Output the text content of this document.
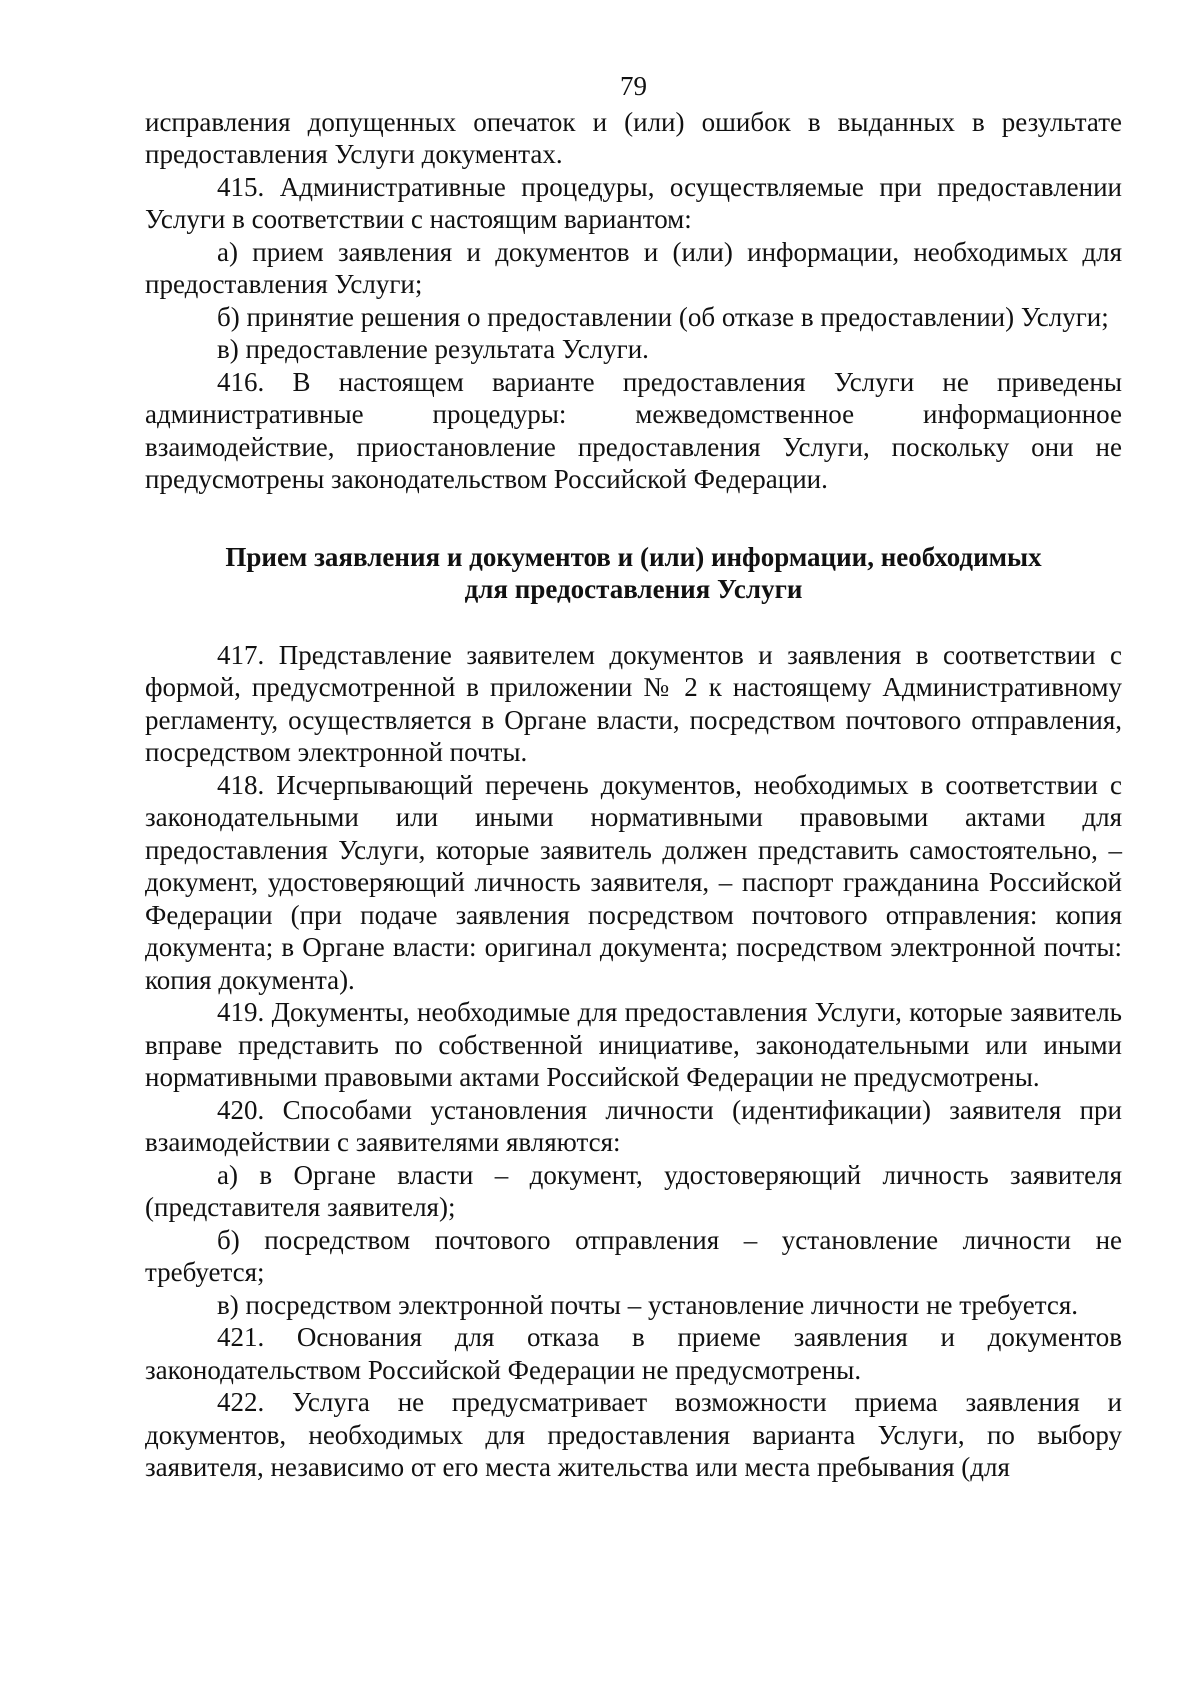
79

исправления допущенных опечаток и (или) ошибок в выданных в результате предоставления Услуги документах.

415. Административные процедуры, осуществляемые при предоставлении Услуги в соответствии с настоящим вариантом:

а) прием заявления и документов и (или) информации, необходимых для предоставления Услуги;

б) принятие решения о предоставлении (об отказе в предоставлении) Услуги;

в) предоставление результата Услуги.

416. В настоящем варианте предоставления Услуги не приведены административные процедуры: межведомственное информационное взаимодействие, приостановление предоставления Услуги, поскольку они не предусмотрены законодательством Российской Федерации.

Прием заявления и документов и (или) информации, необходимых
для предоставления Услуги

417. Представление заявителем документов и заявления в соответствии с формой, предусмотренной в приложении № 2 к настоящему Административному регламенту, осуществляется в Органе власти, посредством почтового отправления, посредством электронной почты.

418. Исчерпывающий перечень документов, необходимых в соответствии с законодательными или иными нормативными правовыми актами для предоставления Услуги, которые заявитель должен представить самостоятельно, – документ, удостоверяющий личность заявителя, – паспорт гражданина Российской Федерации (при подаче заявления посредством почтового отправления: копия документа; в Органе власти: оригинал документа; посредством электронной почты: копия документа).

419. Документы, необходимые для предоставления Услуги, которые заявитель вправе представить по собственной инициативе, законодательными или иными нормативными правовыми актами Российской Федерации не предусмотрены.

420. Способами установления личности (идентификации) заявителя при взаимодействии с заявителями являются:

а) в Органе власти – документ, удостоверяющий личность заявителя (представителя заявителя);

б) посредством почтового отправления – установление личности не требуется;

в) посредством электронной почты – установление личности не требуется.

421. Основания для отказа в приеме заявления и документов законодательством Российской Федерации не предусмотрены.

422. Услуга не предусматривает возможности приема заявления и документов, необходимых для предоставления варианта Услуги, по выбору заявителя, независимо от его места жительства или места пребывания (для
